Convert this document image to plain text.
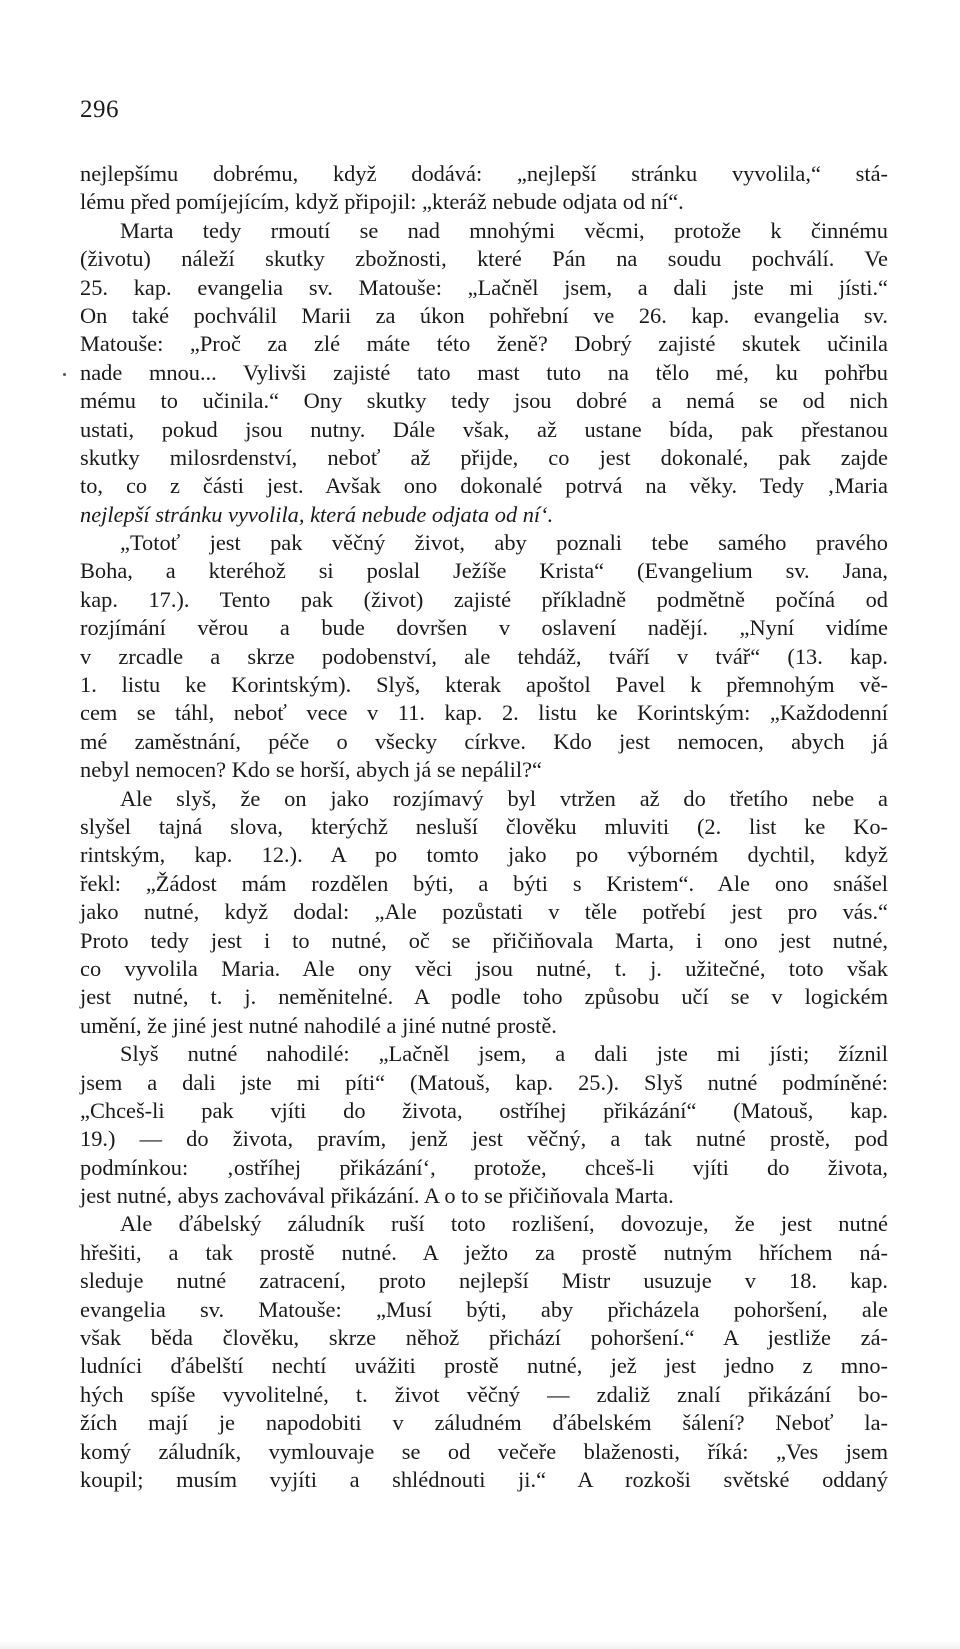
296
nejlepšímu dobrému, když dodává: „nejlepší stránku vyvolila,“ stá-
lému před pomíjejícím, když připojil: „kteráž nebude odjata od ní“.
Marta tedy rmoutí se nad mnohými věcmi, protože k činnému
(životu) náleží skutky zbožnosti, které Pán na soudu pochválí. Ve
25. kap. evangelia sv. Matouše: „Lačněl jsem, a dali jste mi jísti.“
On také pochválil Marii za úkon pohřební ve 26. kap. evangelia sv.
Matouše: „Proč za zlé máte této ženě? Dobrý zajisté skutek učinila
nade mnou... Vylivši zajisté tato mast tuto na tělo mé, ku pohřbu
mému to učinila.“ Ony skutky tedy jsou dobré a nemá se od nich
ustati, pokud jsou nutny. Dále však, až ustane bída, pak přestanou
skutky milosrdenství, neboť až přijde, co jest dokonalé, pak zajde
to, co z části jest. Avšak ono dokonalé potrvá na věky. Tedy ‚Maria
nejlepší stránku vyvolila, která nebude odjata od ní‘.
„Totoť jest pak věčný život, aby poznali tebe samého pravého
Boha, a kteréhož si poslal Ježíše Krista“ (Evangelium sv. Jana,
kap. 17.). Tento pak (život) zajisté příkladně podmětně počíná od
rozjímání věrou a bude dovršen v oslavení nadějí. „Nyní vidíme
v zrcadle a skrze podobenství, ale tehdáž, tváří v tvář“ (13. kap.
1. listu ke Korintským). Slyš, kterak apoštol Pavel k přemnohým vě-
cem se táhl, neboť vece v 11. kap. 2. listu ke Korintským: „Každodenní
mé zaměstnání, péče o všecky církve. Kdo jest nemocen, abych já
nebyl nemocen? Kdo se horší, abych já se nepálil?“
Ale slyš, že on jako rozjímavý byl vtržen až do třetího nebe a
slyšel tajná slova, kterýchž nesluší člověku mluviti (2. list ke Ko-
rintským, kap. 12.). A po tomto jako po výborném dychtil, když
řekl: „Žádost mám rozdělen býti, a býti s Kristem“. Ale ono snášel
jako nutné, když dodal: „Ale pozůstati v těle potřebí jest pro vás.“
Proto tedy jest i to nutné, oč se přičiňovala Marta, i ono jest nutné,
co vyvolila Maria. Ale ony věci jsou nutné, t. j. užitečné, toto však
jest nutné, t. j. neměnitelné. A podle toho způsobu učí se v logickém
umění, že jiné jest nutné nahodilé a jiné nutné prostě.
Slyš nutné nahodilé: „Lačněl jsem, a dali jste mi jísti; žíznil
jsem a dali jste mi píti“ (Matouš, kap. 25.). Slyš nutné podmíněné:
„Chceš-li pak vjíti do života, ostříhej přikázání“ (Matouš, kap.
19.) — do života, pravím, jenž jest věčný, a tak nutné prostě, pod
podmínkou: ‚ostříhej přikázání‘, protože, chceš-li vjíti do života,
jest nutné, abys zachovával přikázání. A o to se přičiňovala Marta.
Ale ďábelský záludník ruší toto rozlišení, dovozuje, že jest nutné
hřešiti, a tak prostě nutné. A ježto za prostě nutným hříchem ná-
sleduje nutné zatracení, proto nejlepší Mistr usuzuje v 18. kap.
evangelia sv. Matouše: „Musí býti, aby přicházela pohoršení, ale
však běda člověku, skrze něhož přichází pohoršení.“ A jestliže zá-
ludníci ďábelští nechtí uvážiti prostě nutné, jež jest jedno z mno-
hých spíše vyvolitelné, t. život věčný — zdaliž znalí přikázání bo-
žích mají je napodobiti v záludném ďábelském šálení? Neboť la-
komý záludník, vymlouvaje se od večeře blaženosti, říká: „Ves jsem
koupil; musím vyjíti a shlédnouti ji.“ A rozkoši světské oddaný
